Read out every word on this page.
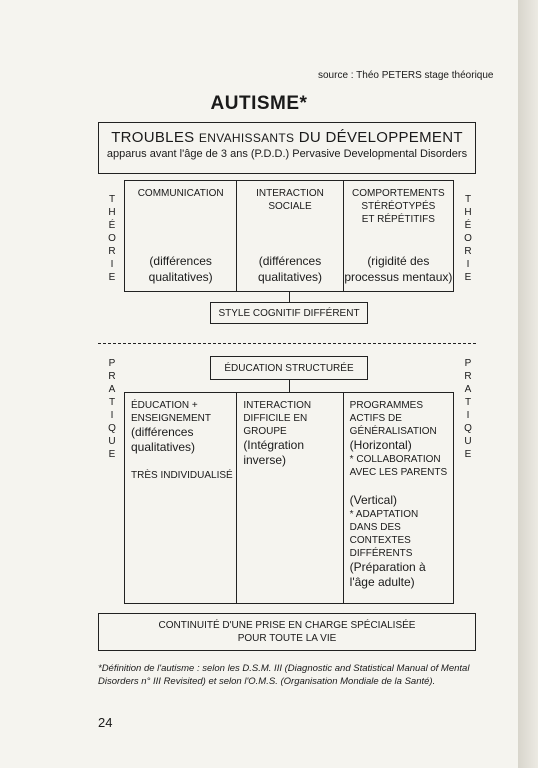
source : Théo PETERS stage théorique
AUTISME*
TROUBLES ENVAHISSANTS DU DÉVELOPPEMENT
apparus avant l'âge de 3 ans (P.D.D.) Pervasive Developmental Disorders
T
H
É
O
R
I
E
T
H
É
O
R
I
E
COMMUNICATION
(différences
qualitatives)
INTERACTION
SOCIALE
(différences
qualitatives)
COMPORTEMENTS
STÉRÉOTYPÉS
ET RÉPÉTITIFS
(rigidité des
processus mentaux)
STYLE COGNITIF DIFFÉRENT
P
R
A
T
I
Q
U
E
P
R
A
T
I
Q
U
E
ÉDUCATION STRUCTURÉE
ÉDUCATION +
ENSEIGNEMENT
(différences
qualitatives)
TRÈS INDIVIDUALISÉ
INTERACTION
DIFFICILE EN
GROUPE
(Intégration
inverse)
PROGRAMMES
ACTIFS DE
GÉNÉRALISATION
(Horizontal)
* COLLABORATION
AVEC LES PARENTS
(Vertical)
* ADAPTATION
DANS DES CONTEXTES
DIFFÉRENTS
(Préparation à
l'âge adulte)
CONTINUITÉ D'UNE PRISE EN CHARGE SPÉCIALISÉE
POUR TOUTE LA VIE
*Définition de l'autisme : selon les D.S.M. III (Diagnostic and Statistical Manual of Mental Disorders n° III Revisited) et selon l'O.M.S. (Organisation Mondiale de la Santé).
24
